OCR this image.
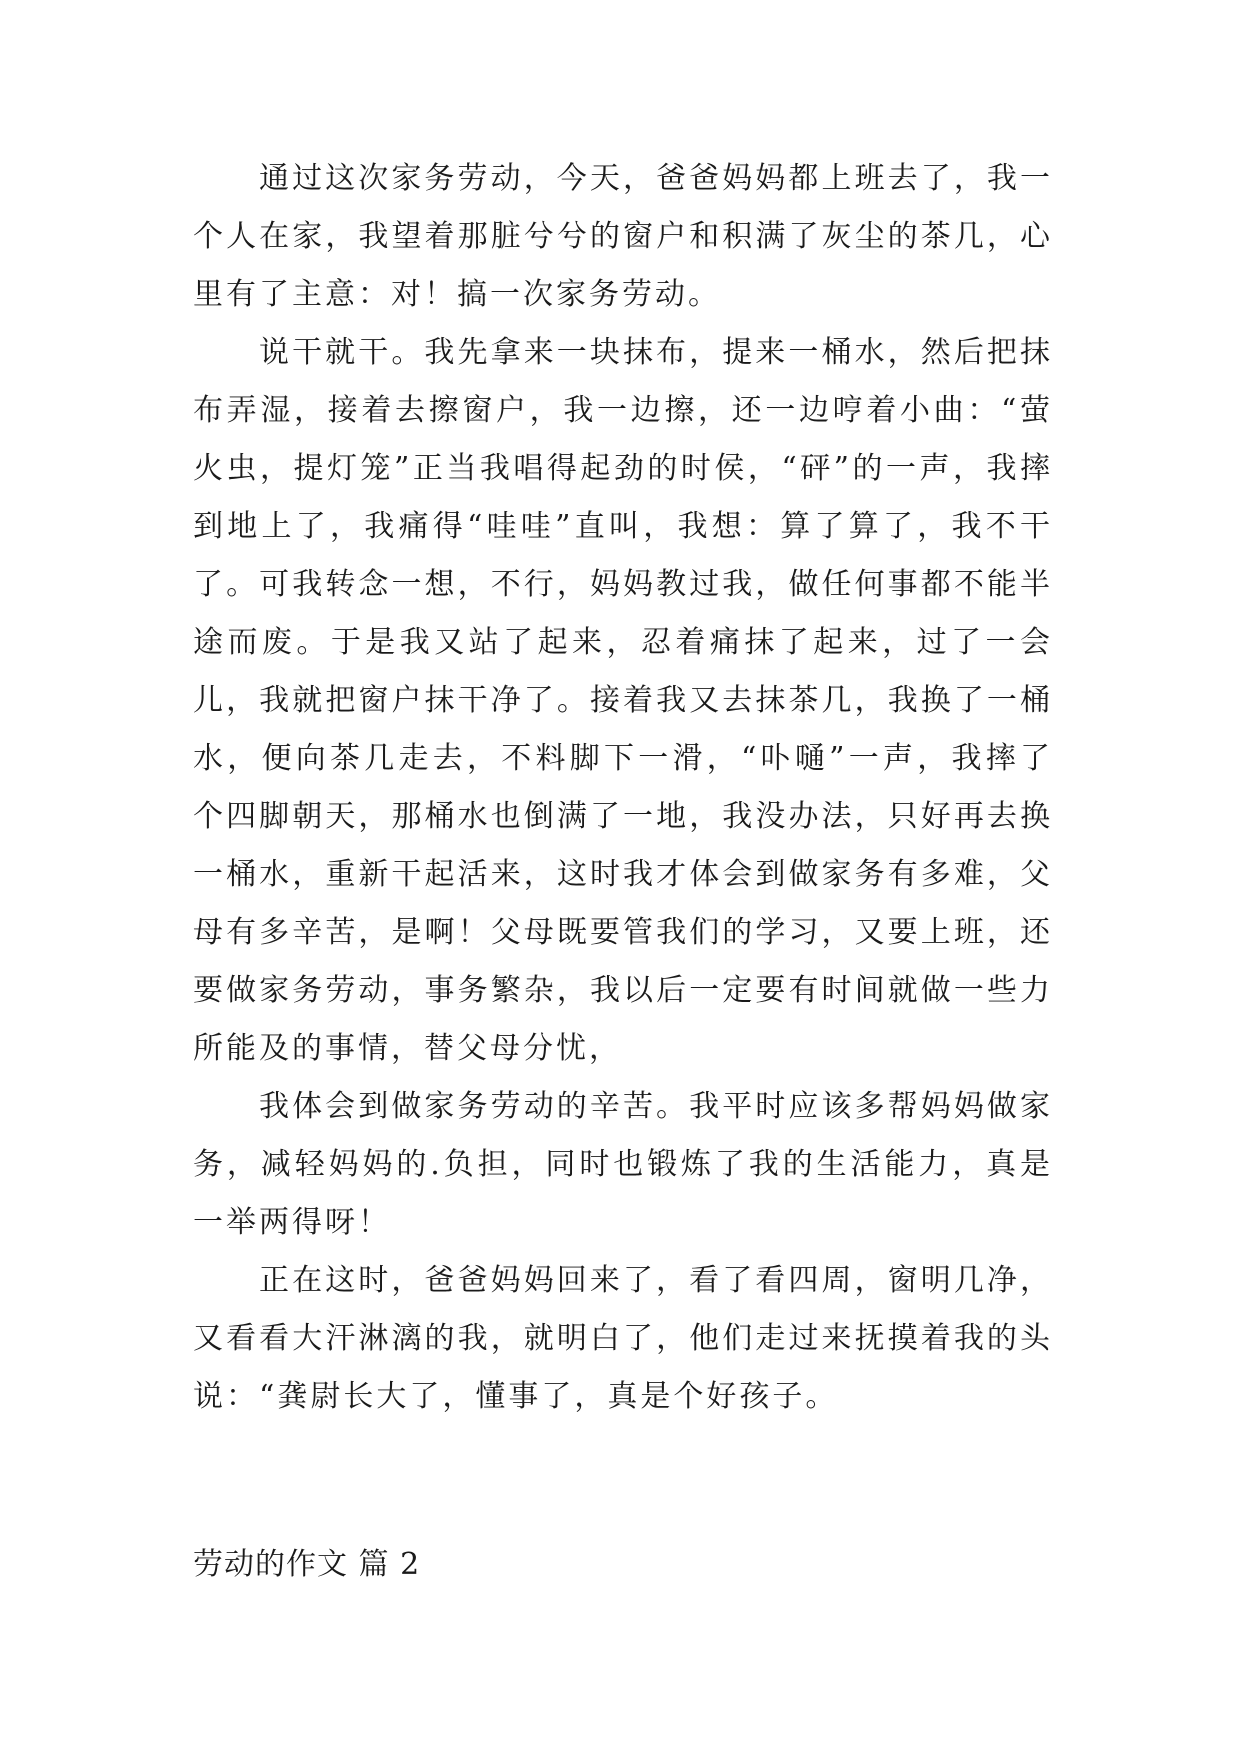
通过这次家务劳动，今天，爸爸妈妈都上班去了，我一个人在家，我望着那脏兮兮的窗户和积满了灰尘的茶几，心里有了主意：对！搞一次家务劳动。

说干就干。我先拿来一块抹布，提来一桶水，然后把抹布弄湿，接着去擦窗户，我一边擦，还一边哼着小曲：“萤火虫，提灯笼”正当我唱得起劲的时侯，“砰”的一声，我摔到地上了，我痛得“哇哇”直叫，我想：算了算了，我不干了。可我转念一想，不行，妈妈教过我，做任何事都不能半途而废。于是我又站了起来，忍着痛抹了起来，过了一会儿，我就把窗户抹干净了。接着我又去抹茶几，我换了一桶水，便向茶几走去，不料脚下一滑，“卟嗵”一声，我摔了个四脚朝天，那桶水也倒满了一地，我没办法，只好再去换一桶水，重新干起活来，这时我才体会到做家务有多难，父母有多辛苦，是啊！父母既要管我们的学习，又要上班，还要做家务劳动，事务繁杂，我以后一定要有时间就做一些力所能及的事情，替父母分忧，

我体会到做家务劳动的辛苦。我平时应该多帮妈妈做家务，减轻妈妈的.负担，同时也锻炼了我的生活能力，真是一举两得呀！

正在这时，爸爸妈妈回来了，看了看四周，窗明几净，又看看大汗淋漓的我，就明白了，他们走过来抚摸着我的头说：“龚尉长大了，懂事了，真是个好孩子。

劳动的作文 篇 2
